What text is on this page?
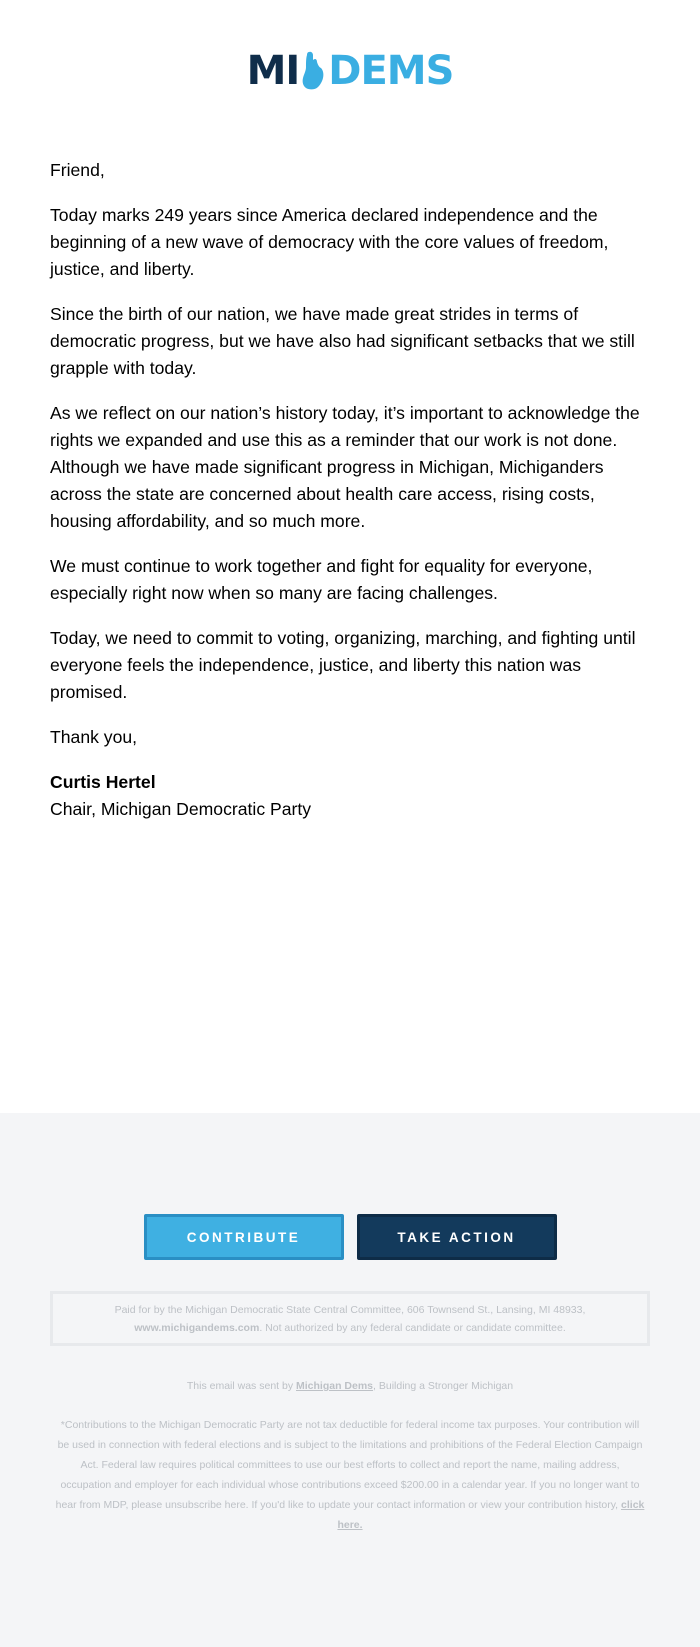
MI DEMS

Friend,

Today marks 249 years since America declared independence and the beginning of a new wave of democracy with the core values of freedom, justice, and liberty.

Since the birth of our nation, we have made great strides in terms of democratic progress, but we have also had significant setbacks that we still grapple with today.

As we reflect on our nation’s history today, it’s important to acknowledge the rights we expanded and use this as a reminder that our work is not done. Although we have made significant progress in Michigan, Michiganders across the state are concerned about health care access, rising costs, housing affordability, and so much more.

We must continue to work together and fight for equality for everyone,  especially right now when so many are facing challenges.

Today, we need to commit to voting, organizing, marching, and fighting until everyone feels the independence, justice, and liberty this nation was promised.

Thank you,

Curtis Hertel
Chair, Michigan Democratic Party

CONTRIBUTE	TAKE ACTION
Paid for by the Michigan Democratic State Central Committee, 606 Townsend St., Lansing, MI 48933,
www.michigandems.com. Not authorized by any federal candidate or candidate committee.
This email was sent by Michigan Dems, Building a Stronger Michigan
*Contributions to the Michigan Democratic Party are not tax deductible for federal income tax purposes. Your contribution will be used in connection with federal elections and is subject to the limitations and prohibitions of the Federal Election Campaign Act. Federal law requires political committees to use our best efforts to collect and report the name, mailing address, occupation and employer for each individual whose contributions exceed $200.00 in a calendar year. If you no longer want to hear from MDP, please unsubscribe here. If you'd like to update your contact information or view your contribution history, click here.
